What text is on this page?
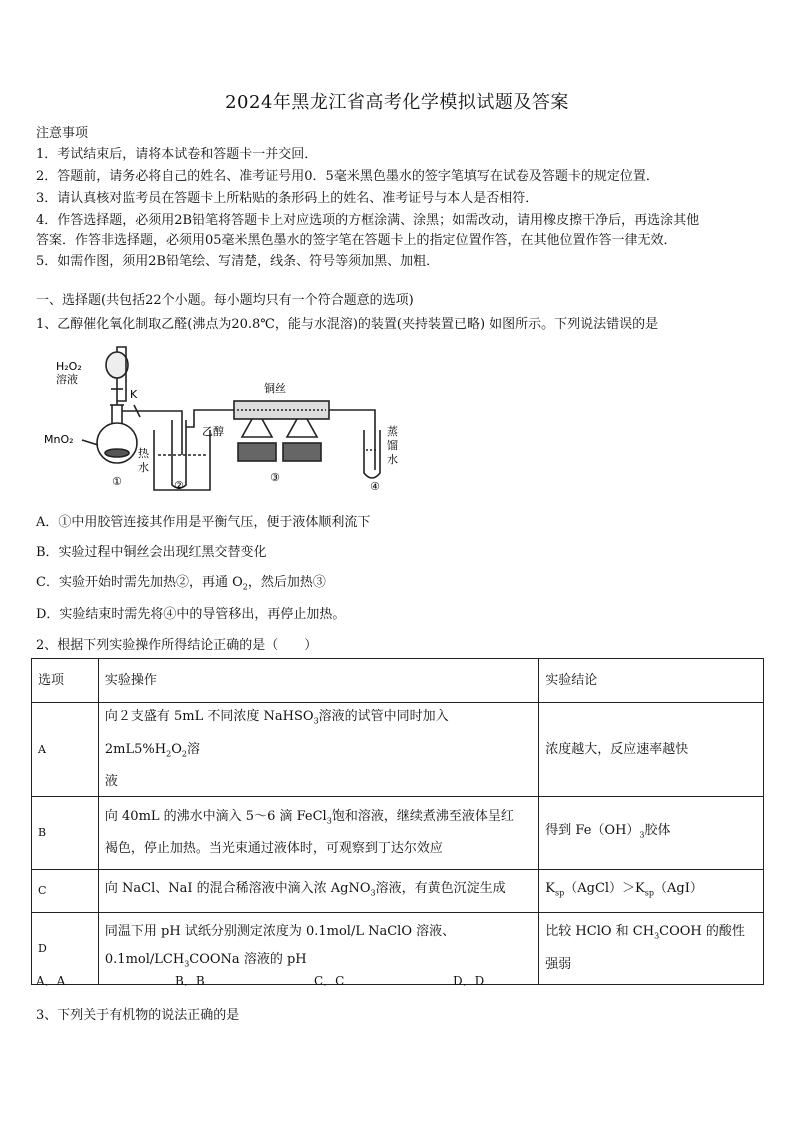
2024年黑龙江省高考化学模拟试题及答案
注意事项
1．考试结束后，请将本试卷和答题卡一并交回．
2．答题前，请务必将自己的姓名、准考证号用0．5毫米黑色墨水的签字笔填写在试卷及答题卡的规定位置．
3．请认真核对监考员在答题卡上所粘贴的条形码上的姓名、准考证号与本人是否相符．
4．作答选择题，必须用2B铅笔将答题卡上对应选项的方框涂满、涂黑；如需改动，请用橡皮擦干净后，再选涂其他
答案．作答非选择题，必须用05毫米黑色墨水的签字笔在答题卡上的指定位置作答，在其他位置作答一律无效．
5．如需作图，须用2B铅笔绘、写清楚，线条、符号等须加黑、加粗．
一、选择题(共包括22个小题。每小题均只有一个符合题意的选项)
1、乙醇催化氧化制取乙醛(沸点为20.8℃，能与水混溶)的装置(夹持装置已略) 如图所示。下列说法错误的是
H₂O₂
溶液
K
MnO₂
①
热
水
②
乙醇
铜丝
③
④
蒸
馏
水
A．①中用胶管连接其作用是平衡气压，便于液体顺利流下
B．实验过程中铜丝会出现红黑交替变化
C．实验开始时需先加热②，再通 $O_2$，然后加热③
D．实验结束时需先将④中的导管移出，再停止加热。
2、根据下列实验操作所得结论正确的是（　　）
选项	实验操作	实验结论
A	向２支盛有 5mL 不同浓度 NaHSO$_3$溶液的试管中同时加入 $2mL5\%H_2O_2$溶
液	浓度越大，反应速率越快
B	向 40mL 的沸水中滴入 5～6 滴 FeCl$_3$饱和溶液，继续煮沸至液体呈红
褐色，停止加热。当光束通过液体时，可观察到丁达尔效应	得到 $Fe(OH)_3$胶体
C	向 NaCl、NaI 的混合稀溶液中滴入浓 AgNO$_3$溶液，有黄色沉淀生成	$K_{sp}(AgCl)>K_{sp}(AgI)$
D	同温下用 pH 试纸分别测定浓度为 0.1mol/L NaClO 溶液、
$0.1mol/LCH_3COONa$ 溶液的 pH	比较 HClO 和 $CH_3COOH$ 的酸性强弱
A．A	B．B	C．C	D．D
3、下列关于有机物的说法正确的是
